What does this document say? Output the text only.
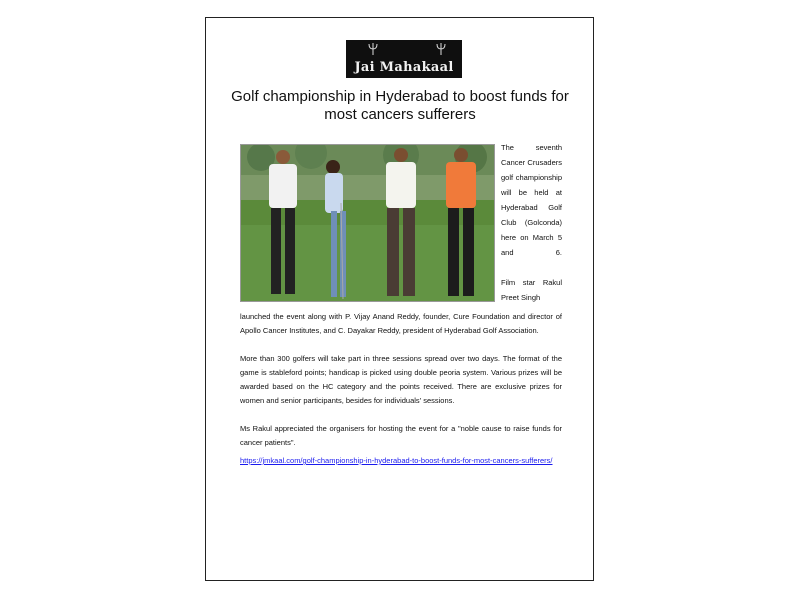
Jai Mahakaal
Golf championship in Hyderabad to boost funds for most cancers sufferers

The seventh Cancer Crusaders golf championship will be held at Hyderabad Golf Club (Golconda) here on March 5 and 6.

Film star Rakul Preet Singh

launched the event along with P. Vijay Anand Reddy, founder, Cure Foundation and director of Apollo Cancer Institutes, and C. Dayakar Reddy, president of Hyderabad Golf Association.

More than 300 golfers will take part in three sessions spread over two days. The format of the game is stableford points; handicap is picked using double peoria system. Various prizes will be awarded based on the HC category and the points received. There are exclusive prizes for women and senior participants, besides for individuals' sessions.

Ms Rakul appreciated the organisers for hosting the event for a "noble cause to raise funds for cancer patients".

https://jmkaal.com/golf-championship-in-hyderabad-to-boost-funds-for-most-cancers-sufferers/
